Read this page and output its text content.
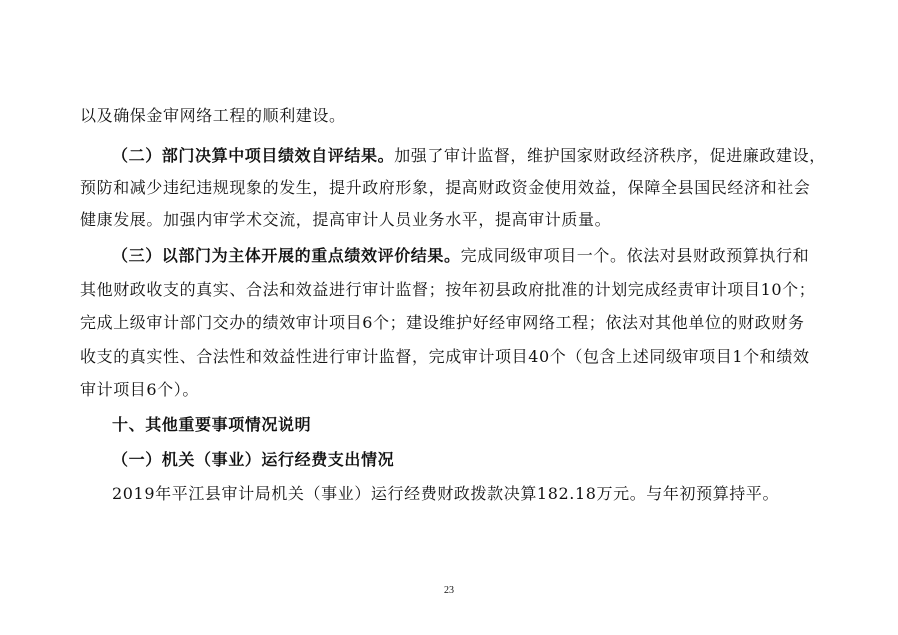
以及确保金审网络工程的顺利建设。
（二）部门决算中项目绩效自评结果。加强了审计监督，维护国家财政经济秩序，促进廉政建设，
预防和减少违纪违规现象的发生，提升政府形象，提高财政资金使用效益，保障全县国民经济和社会
健康发展。加强内审学术交流，提高审计人员业务水平，提高审计质量。
（三）以部门为主体开展的重点绩效评价结果。完成同级审项目一个。依法对县财政预算执行和
其他财政收支的真实、合法和效益进行审计监督；按年初县政府批准的计划完成经责审计项目10个；
完成上级审计部门交办的绩效审计项目6个；建设维护好经审网络工程；依法对其他单位的财政财务
收支的真实性、合法性和效益性进行审计监督，完成审计项目40个（包含上述同级审项目1个和绩效
审计项目6个）。
十、其他重要事项情况说明
（一）机关（事业）运行经费支出情况
2019年平江县审计局机关（事业）运行经费财政拨款决算182.18万元。与年初预算持平。
23
